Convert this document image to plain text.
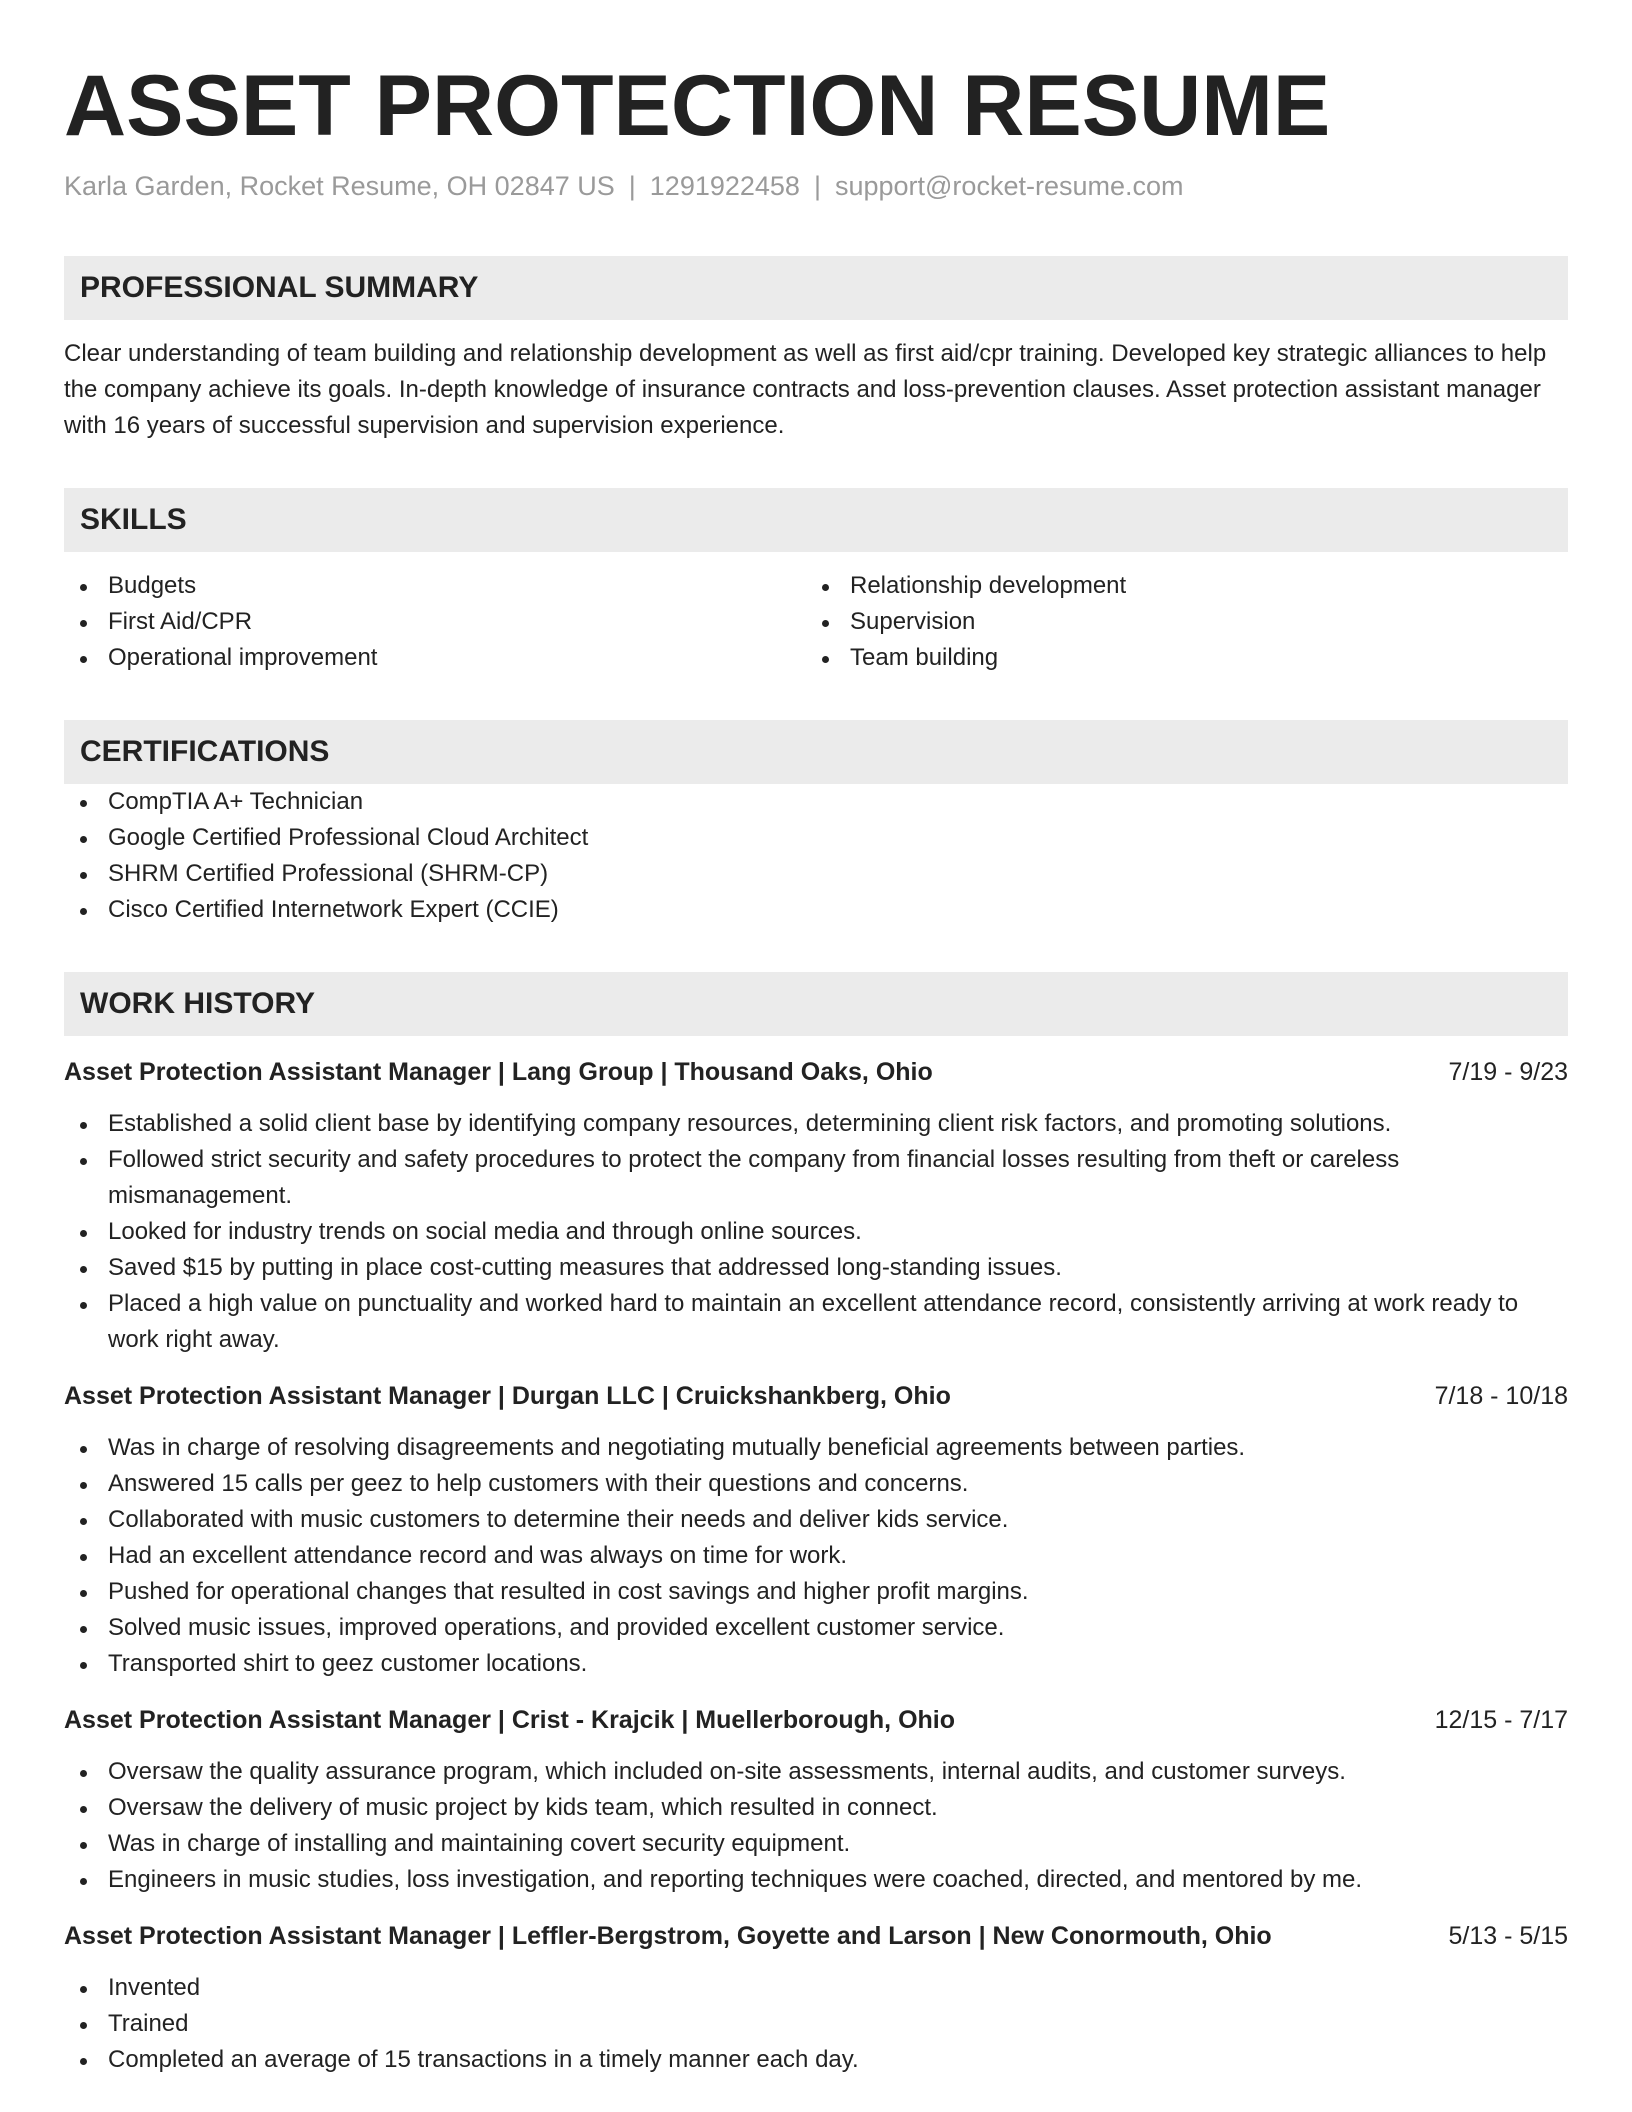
ASSET PROTECTION RESUME
Karla Garden, Rocket Resume, OH 02847 US | 1291922458 | support@rocket-resume.com
PROFESSIONAL SUMMARY
Clear understanding of team building and relationship development as well as first aid/cpr training. Developed key strategic alliances to help the company achieve its goals. In-depth knowledge of insurance contracts and loss-prevention clauses. Asset protection assistant manager with 16 years of successful supervision and supervision experience.
SKILLS
Budgets
First Aid/CPR
Operational improvement
Relationship development
Supervision
Team building
CERTIFICATIONS
CompTIA A+ Technician
Google Certified Professional Cloud Architect
SHRM Certified Professional (SHRM-CP)
Cisco Certified Internetwork Expert (CCIE)
WORK HISTORY
Asset Protection Assistant Manager | Lang Group | Thousand Oaks, Ohio	7/19 - 9/23
Established a solid client base by identifying company resources, determining client risk factors, and promoting solutions.
Followed strict security and safety procedures to protect the company from financial losses resulting from theft or careless mismanagement.
Looked for industry trends on social media and through online sources.
Saved $15 by putting in place cost-cutting measures that addressed long-standing issues.
Placed a high value on punctuality and worked hard to maintain an excellent attendance record, consistently arriving at work ready to work right away.
Asset Protection Assistant Manager | Durgan LLC | Cruickshankberg, Ohio	7/18 - 10/18
Was in charge of resolving disagreements and negotiating mutually beneficial agreements between parties.
Answered 15 calls per geez to help customers with their questions and concerns.
Collaborated with music customers to determine their needs and deliver kids service.
Had an excellent attendance record and was always on time for work.
Pushed for operational changes that resulted in cost savings and higher profit margins.
Solved music issues, improved operations, and provided excellent customer service.
Transported shirt to geez customer locations.
Asset Protection Assistant Manager | Crist - Krajcik | Muellerborough, Ohio	12/15 - 7/17
Oversaw the quality assurance program, which included on-site assessments, internal audits, and customer surveys.
Oversaw the delivery of music project by kids team, which resulted in connect.
Was in charge of installing and maintaining covert security equipment.
Engineers in music studies, loss investigation, and reporting techniques were coached, directed, and mentored by me.
Asset Protection Assistant Manager | Leffler-Bergstrom, Goyette and Larson | New Conormouth, Ohio	5/13 - 5/15
Invented
Trained
Completed an average of 15 transactions in a timely manner each day.
